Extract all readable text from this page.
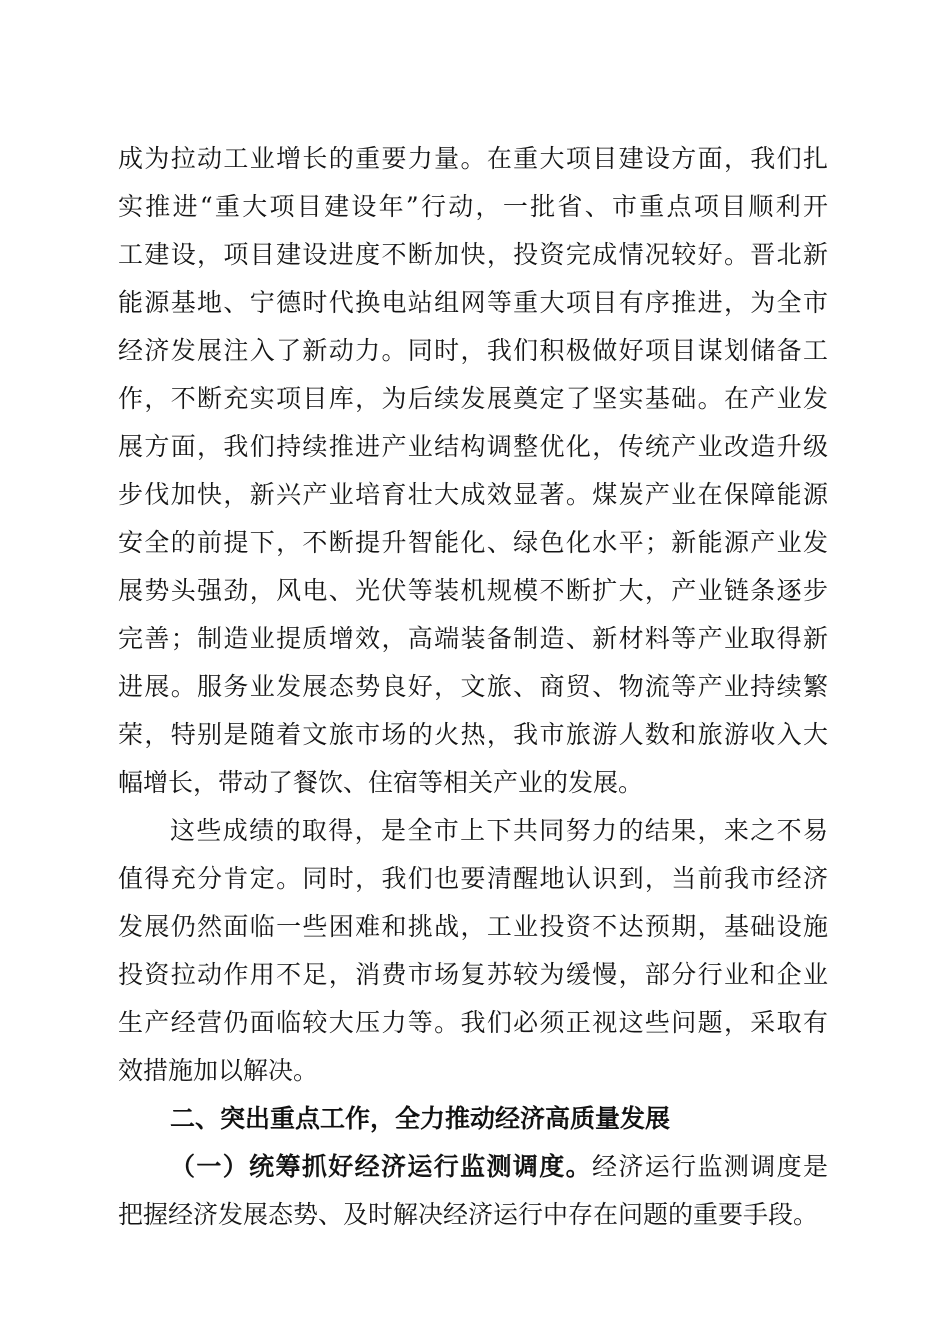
成为拉动工业增长的重要力量。在重大项目建设方面，我们扎
实推进“重大项目建设年”行动，一批省、市重点项目顺利开
工建设，项目建设进度不断加快，投资完成情况较好。晋北新
能源基地、宁德时代换电站组网等重大项目有序推进，为全市
经济发展注入了新动力。同时，我们积极做好项目谋划储备工
作，不断充实项目库，为后续发展奠定了坚实基础。在产业发
展方面，我们持续推进产业结构调整优化，传统产业改造升级
步伐加快，新兴产业培育壮大成效显著。煤炭产业在保障能源
安全的前提下，不断提升智能化、绿色化水平；新能源产业发
展势头强劲，风电、光伏等装机规模不断扩大，产业链条逐步
完善；制造业提质增效，高端装备制造、新材料等产业取得新
进展。服务业发展态势良好，文旅、商贸、物流等产业持续繁
荣，特别是随着文旅市场的火热，我市旅游人数和旅游收入大
幅增长，带动了餐饮、住宿等相关产业的发展。
这些成绩的取得，是全市上下共同努力的结果，来之不易
值得充分肯定。同时，我们也要清醒地认识到，当前我市经济
发展仍然面临一些困难和挑战，工业投资不达预期，基础设施
投资拉动作用不足，消费市场复苏较为缓慢，部分行业和企业
生产经营仍面临较大压力等。我们必须正视这些问题，采取有
效措施加以解决。
二、突出重点工作，全力推动经济高质量发展
（一）统筹抓好经济运行监测调度。经济运行监测调度是
把握经济发展态势、及时解决经济运行中存在问题的重要手段。
